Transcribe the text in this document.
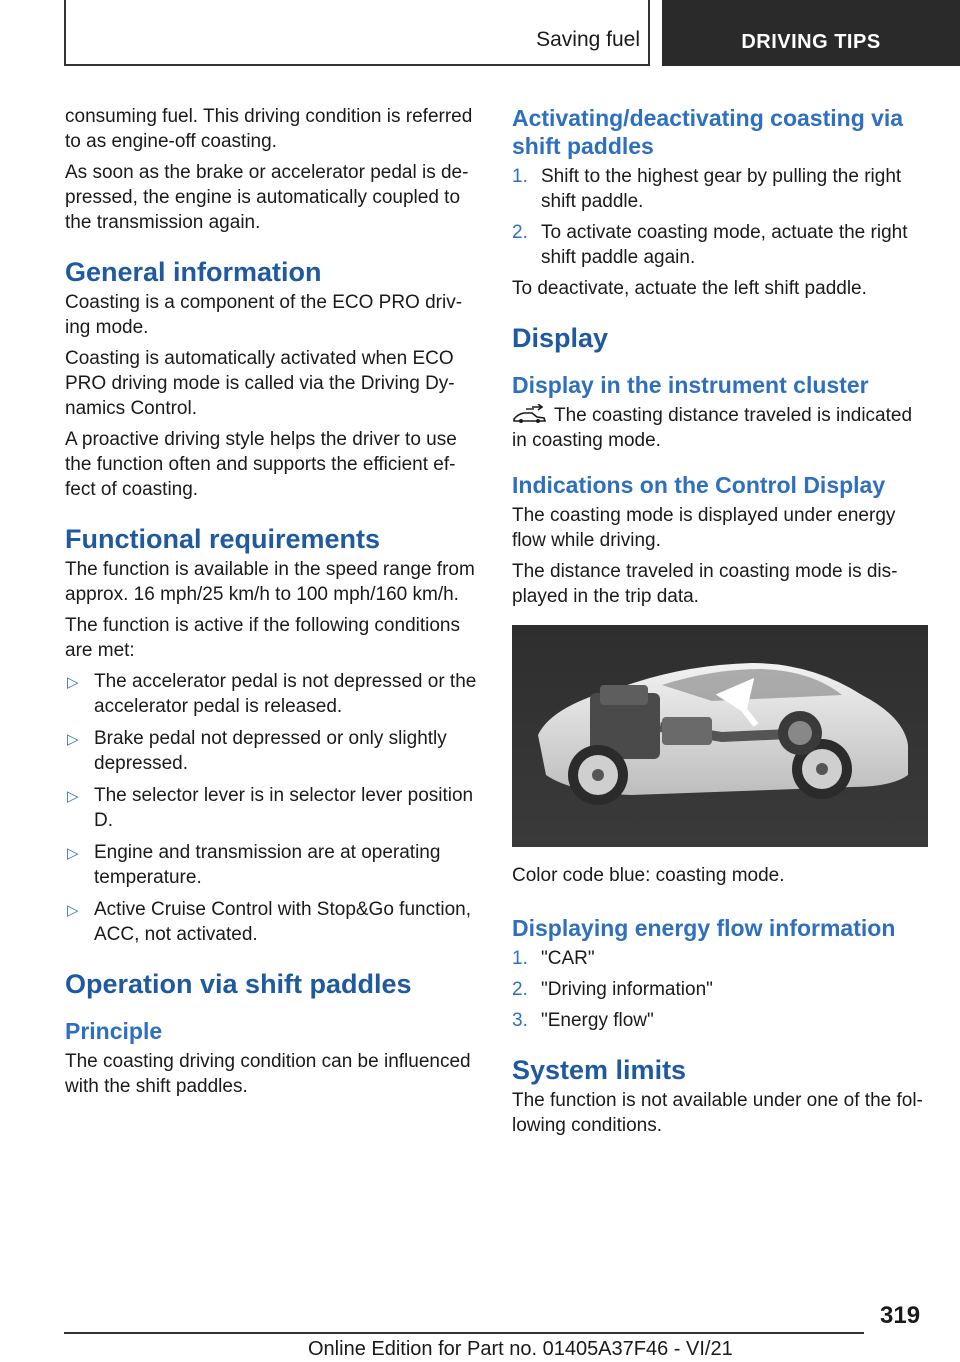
Saving fuel	DRIVING TIPS

consuming fuel. This driving condition is referred to as engine-off coasting.

As soon as the brake or accelerator pedal is de-pressed, the engine is automatically coupled to the transmission again.

General information

Coasting is a component of the ECO PRO driv-ing mode.

Coasting is automatically activated when ECO PRO driving mode is called via the Driving Dy-namics Control.

A proactive driving style helps the driver to use the function often and supports the efficient ef-fect of coasting.

Functional requirements

The function is available in the speed range from approx. 16 mph/25 km/h to 100 mph/160 km/h.

The function is active if the following conditions are met:

▷ The accelerator pedal is not depressed or the accelerator pedal is released.
▷ Brake pedal not depressed or only slightly depressed.
▷ The selector lever is in selector lever position D.
▷ Engine and transmission are at operating temperature.
▷ Active Cruise Control with Stop&Go function, ACC, not activated.
Operation via shift paddles
Principle

The coasting driving condition can be influenced with the shift paddles.

Activating/deactivating coasting via shift paddles
1. Shift to the highest gear by pulling the right shift paddle.
2. To activate coasting mode, actuate the right shift paddle again.

To deactivate, actuate the left shift paddle.

Display
Display in the instrument cluster

The coasting distance traveled is indicated in coasting mode.

Indications on the Control Display

The coasting mode is displayed under energy flow while driving.

The distance traveled in coasting mode is dis-played in the trip data.

Color code blue: coasting mode.

Displaying energy flow information
1. "CAR"
2. "Driving information"
3. "Energy flow"
System limits

The function is not available under one of the fol-lowing conditions.

319
Online Edition for Part no. 01405A37F46 - VI/21
